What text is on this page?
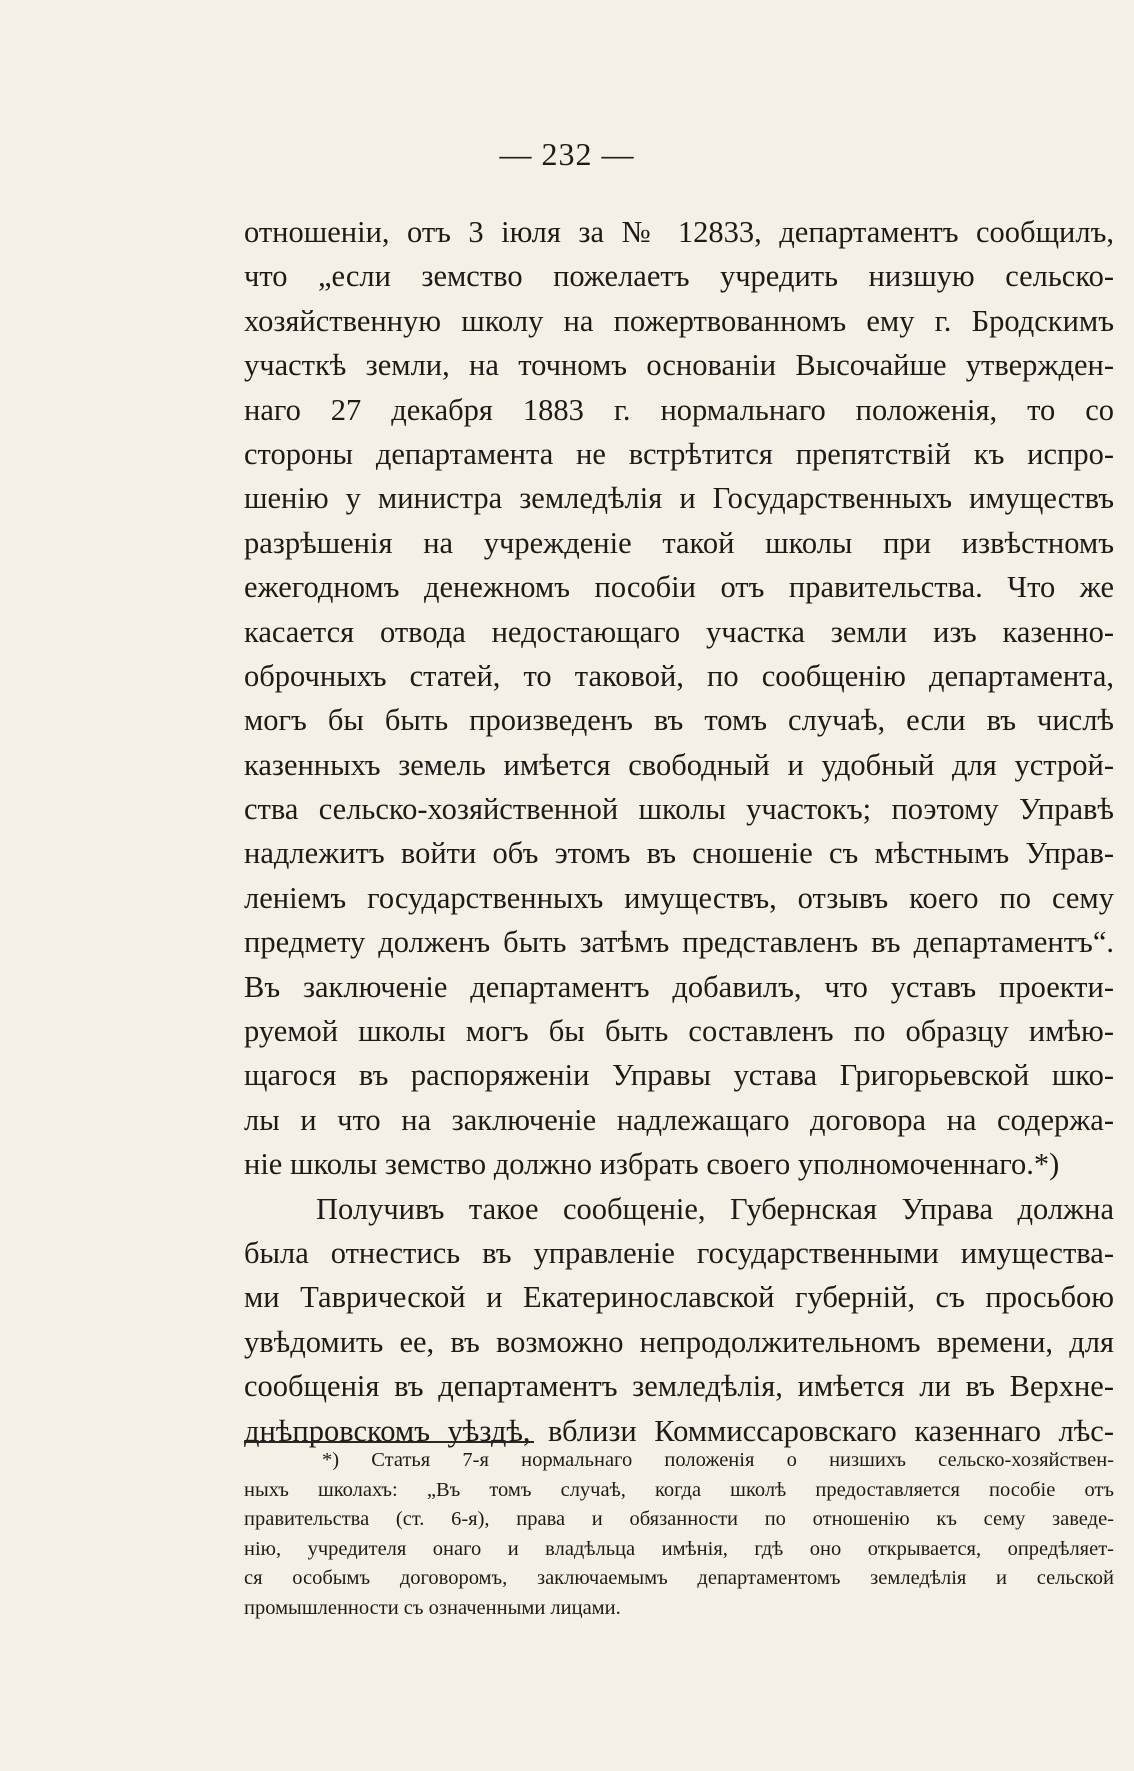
— 232 —
отношеніи, отъ 3 іюля за № 12833, департаментъ сообщилъ,
что „если земство пожелаетъ учредить низшую сельско-
хозяйственную школу на пожертвованномъ ему г. Бродскимъ
участкѣ земли, на точномъ основаніи Высочайше утвержден-
наго 27 декабря 1883 г. нормальнаго положенія, то со
стороны департамента не встрѣтится препятствій къ испро-
шенію у министра земледѣлія и Государственныхъ имуществъ
разрѣшенія на учрежденіе такой школы при извѣстномъ
ежегодномъ денежномъ пособіи отъ правительства. Что же
касается отвода недостающаго участка земли изъ казенно-
оброчныхъ статей, то таковой, по сообщенію департамента,
могъ бы быть произведенъ въ томъ случаѣ, если въ числѣ
казенныхъ земель имѣется свободный и удобный для устрой-
ства сельско-хозяйственной школы участокъ; поэтому Управѣ
надлежитъ войти объ этомъ въ сношеніе съ мѣстнымъ Управ-
леніемъ государственныхъ имуществъ, отзывъ коего по сему
предмету долженъ быть затѣмъ представленъ въ департаментъ“.
Въ заключеніе департаментъ добавилъ, что уставъ проекти-
руемой школы могъ бы быть составленъ по образцу имѣю-
щагося въ распоряженіи Управы устава Григорьевской шко-
лы и что на заключеніе надлежащаго договора на содержа-
ніе школы земство должно избрать своего уполномоченнаго.*)
Получивъ такое сообщеніе, Губернская Управа должна
была отнестись въ управленіе государственными имущества-
ми Таврической и Екатеринославской губерній, съ просьбою
увѣдомить ее, въ возможно непродолжительномъ времени, для
сообщенія въ департаментъ земледѣлія, имѣется ли въ Верхне-
днѣпровскомъ уѣздѣ, вблизи Коммиссаровскаго казеннаго лѣс-
*) Статья 7-я нормальнаго положенія о низшихъ сельско-хозяйствен-
ныхъ школахъ: „Въ томъ случаѣ, когда школѣ предоставляется пособіе отъ
правительства (ст. 6-я), права и обязанности по отношенію къ сему заведе-
нію, учредителя онаго и владѣльца имѣнія, гдѣ оно открывается, опредѣляет-
ся особымъ договоромъ, заключаемымъ департаментомъ земледѣлія и сельской
промышленности съ означенными лицами.
